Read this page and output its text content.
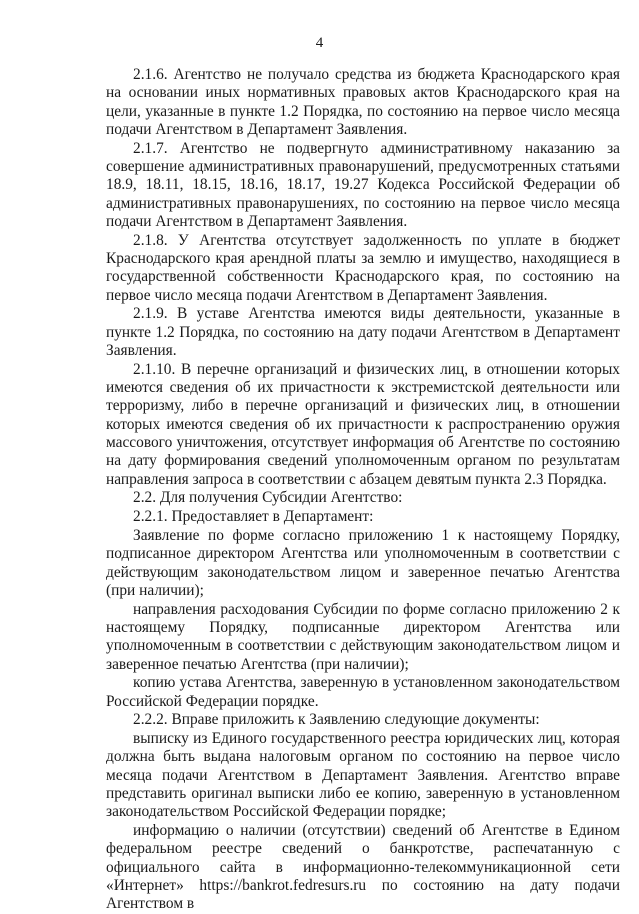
4

2.1.6. Агентство не получало средства из бюджета Краснодарского края на основании иных нормативных правовых актов Краснодарского края на цели, указанные в пункте 1.2 Порядка, по состоянию на первое число месяца подачи Агентством в Департамент Заявления.

2.1.7. Агентство не подвергнуто административному наказанию за совершение административных правонарушений, предусмотренных статьями 18.9, 18.11, 18.15, 18.16, 18.17, 19.27 Кодекса Российской Федерации об административных правонарушениях, по состоянию на первое число месяца подачи Агентством в Департамент Заявления.

2.1.8. У Агентства отсутствует задолженность по уплате в бюджет Краснодарского края арендной платы за землю и имущество, находящиеся в государственной собственности Краснодарского края, по состоянию на первое число месяца подачи Агентством в Департамент Заявления.

2.1.9. В уставе Агентства имеются виды деятельности, указанные в пункте 1.2 Порядка, по состоянию на дату подачи Агентством в Департамент Заявления.

2.1.10. В перечне организаций и физических лиц, в отношении которых имеются сведения об их причастности к экстремистской деятельности или терроризму, либо в перечне организаций и физических лиц, в отношении которых имеются сведения об их причастности к распространению оружия массового уничтожения, отсутствует информация об Агентстве по состоянию на дату формирования сведений уполномоченным органом по результатам направления запроса в соответствии с абзацем девятым пункта 2.3 Порядка.

2.2. Для получения Субсидии Агентство:

2.2.1. Предоставляет в Департамент:

Заявление по форме согласно приложению 1 к настоящему Порядку, подписанное директором Агентства или уполномоченным в соответствии с действующим законодательством лицом и заверенное печатью Агентства (при наличии);

направления расходования Субсидии по форме согласно приложению 2 к настоящему Порядку, подписанные директором Агентства или уполномоченным в соответствии с действующим законодательством лицом и заверенное печатью Агентства (при наличии);

копию устава Агентства, заверенную в установленном законодательством Российской Федерации порядке.

2.2.2. Вправе приложить к Заявлению следующие документы:

выписку из Единого государственного реестра юридических лиц, которая должна быть выдана налоговым органом по состоянию на первое число месяца подачи Агентством в Департамент Заявления. Агентство вправе представить оригинал выписки либо ее копию, заверенную в установленном законодательством Российской Федерации порядке;

информацию о наличии (отсутствии) сведений об Агентстве в Едином федеральном реестре сведений о банкротстве, распечатанную с официального сайта в информационно-телекоммуникационной сети «Интернет» https://bankrot.fedresurs.ru по состоянию на дату подачи Агентством в
